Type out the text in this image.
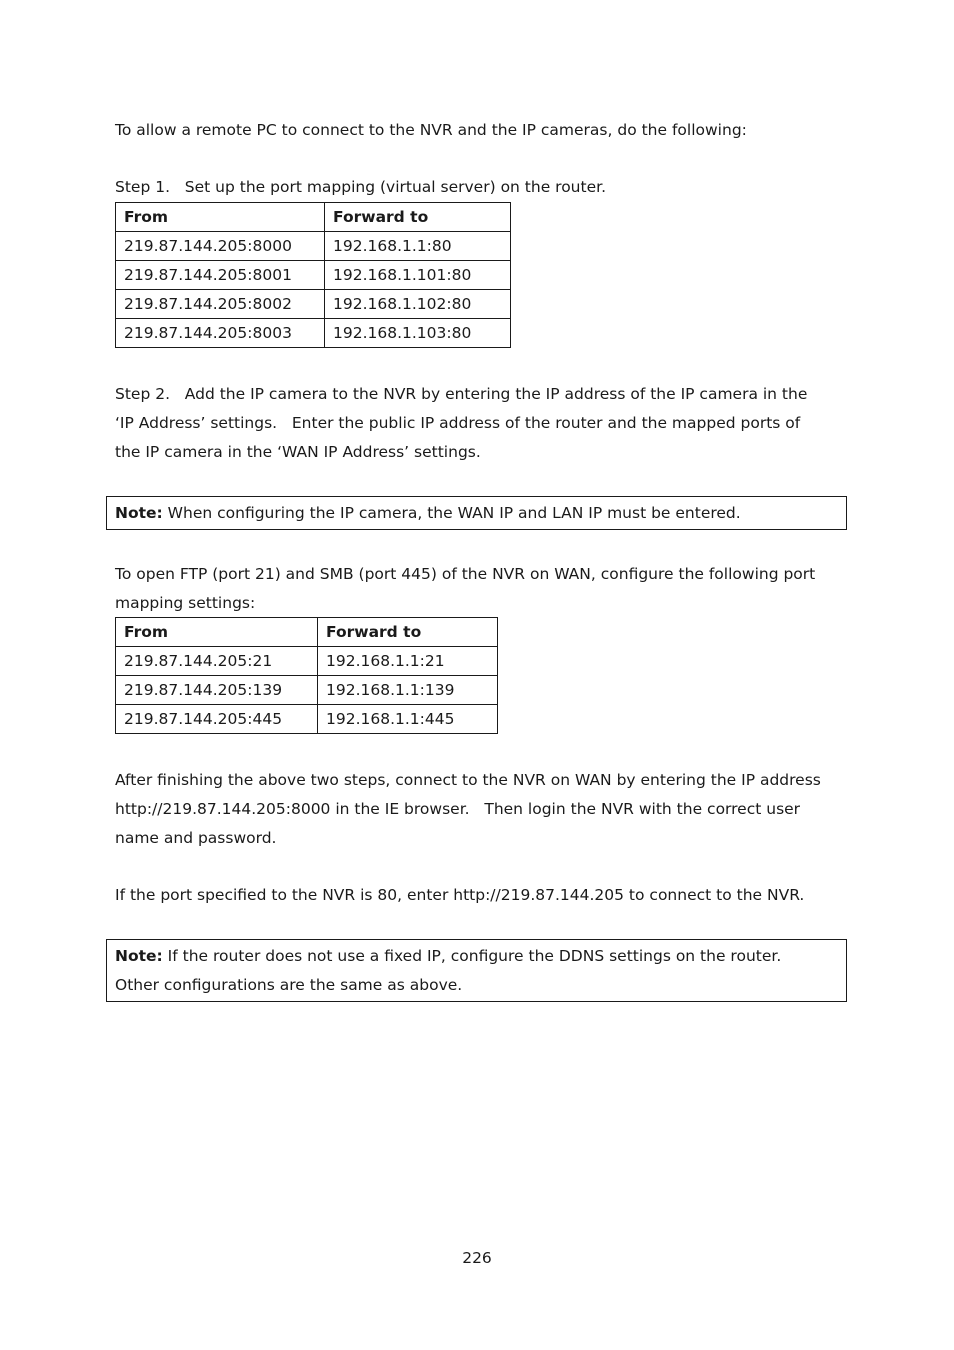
To allow a remote PC to connect to the NVR and the IP cameras, do the following:

Step 1.   Set up the port mapping (virtual server) on the router.

From	Forward to
219.87.144.205:8000	192.168.1.1:80
219.87.144.205:8001	192.168.1.101:80
219.87.144.205:8002	192.168.1.102:80
219.87.144.205:8003	192.168.1.103:80
Step 2.   Add the IP camera to the NVR by entering the IP address of the IP camera in the
‘IP Address’ settings.   Enter the public IP address of the router and the mapped ports of
the IP camera in the ‘WAN IP Address’ settings.
Note: When configuring the IP camera, the WAN IP and LAN IP must be entered.
To open FTP (port 21) and SMB (port 445) of the NVR on WAN, configure the following port
mapping settings:
From	Forward to
219.87.144.205:21	192.168.1.1:21
219.87.144.205:139	192.168.1.1:139
219.87.144.205:445	192.168.1.1:445
After finishing the above two steps, connect to the NVR on WAN by entering the IP address
http://219.87.144.205:8000 in the IE browser.   Then login the NVR with the correct user
name and password.

If the port specified to the NVR is 80, enter http://219.87.144.205 to connect to the NVR.

Note: If the router does not use a fixed IP, configure the DDNS settings on the router.
Other configurations are the same as above.
226
